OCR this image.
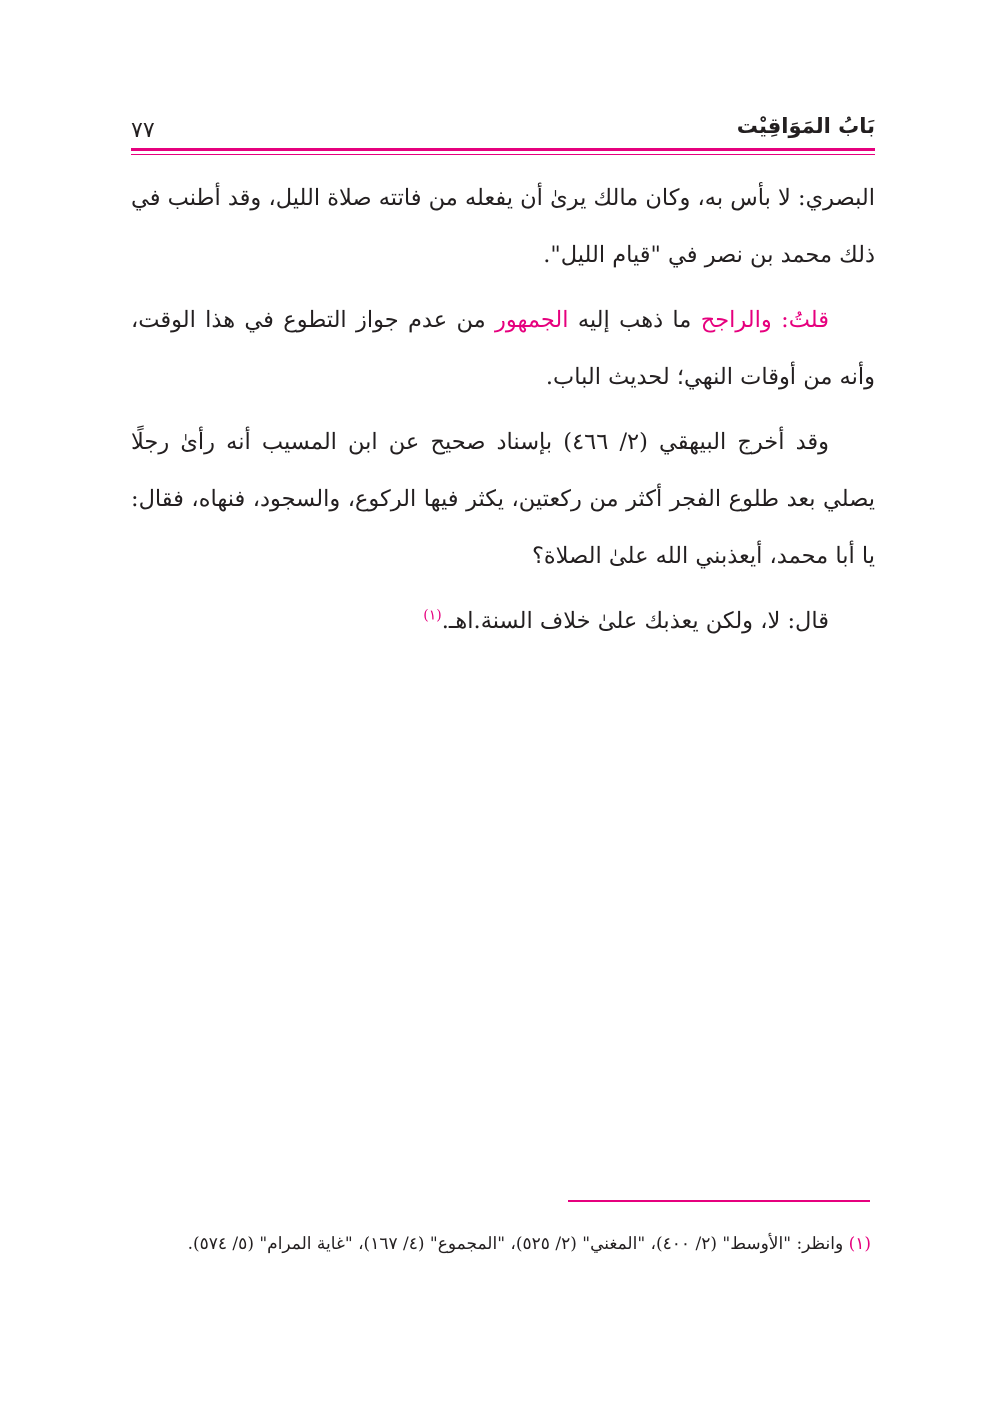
بَابُ المَوَاقِيْت
٧٧

البصري: لا بأس به، وكان مالك يرىٰ أن يفعله من فاتته صلاة الليل، وقد أطنب في ذلك محمد بن نصر في "قيام الليل".

قلتُ: والراجح ما ذهب إليه الجمهور من عدم جواز التطوع في هذا الوقت، وأنه من أوقات النهي؛ لحديث الباب.

وقد أخرج البيهقي (٢/ ٤٦٦) بإسناد صحيح عن ابن المسيب أنه رأىٰ رجلًا يصلي بعد طلوع الفجر أكثر من ركعتين، يكثر فيها الركوع، والسجود، فنهاه، فقال: يا أبا محمد، أيعذبني الله علىٰ الصلاة؟

قال: لا، ولكن يعذبك علىٰ خلاف السنة.اهـ.$^{(١)}$

(١) وانظر: "الأوسط" (٢/ ٤٠٠)، "المغني" (٢/ ٥٢٥)، "المجموع" (٤/ ١٦٧)، "غاية المرام" (٥/ ٥٧٤).
